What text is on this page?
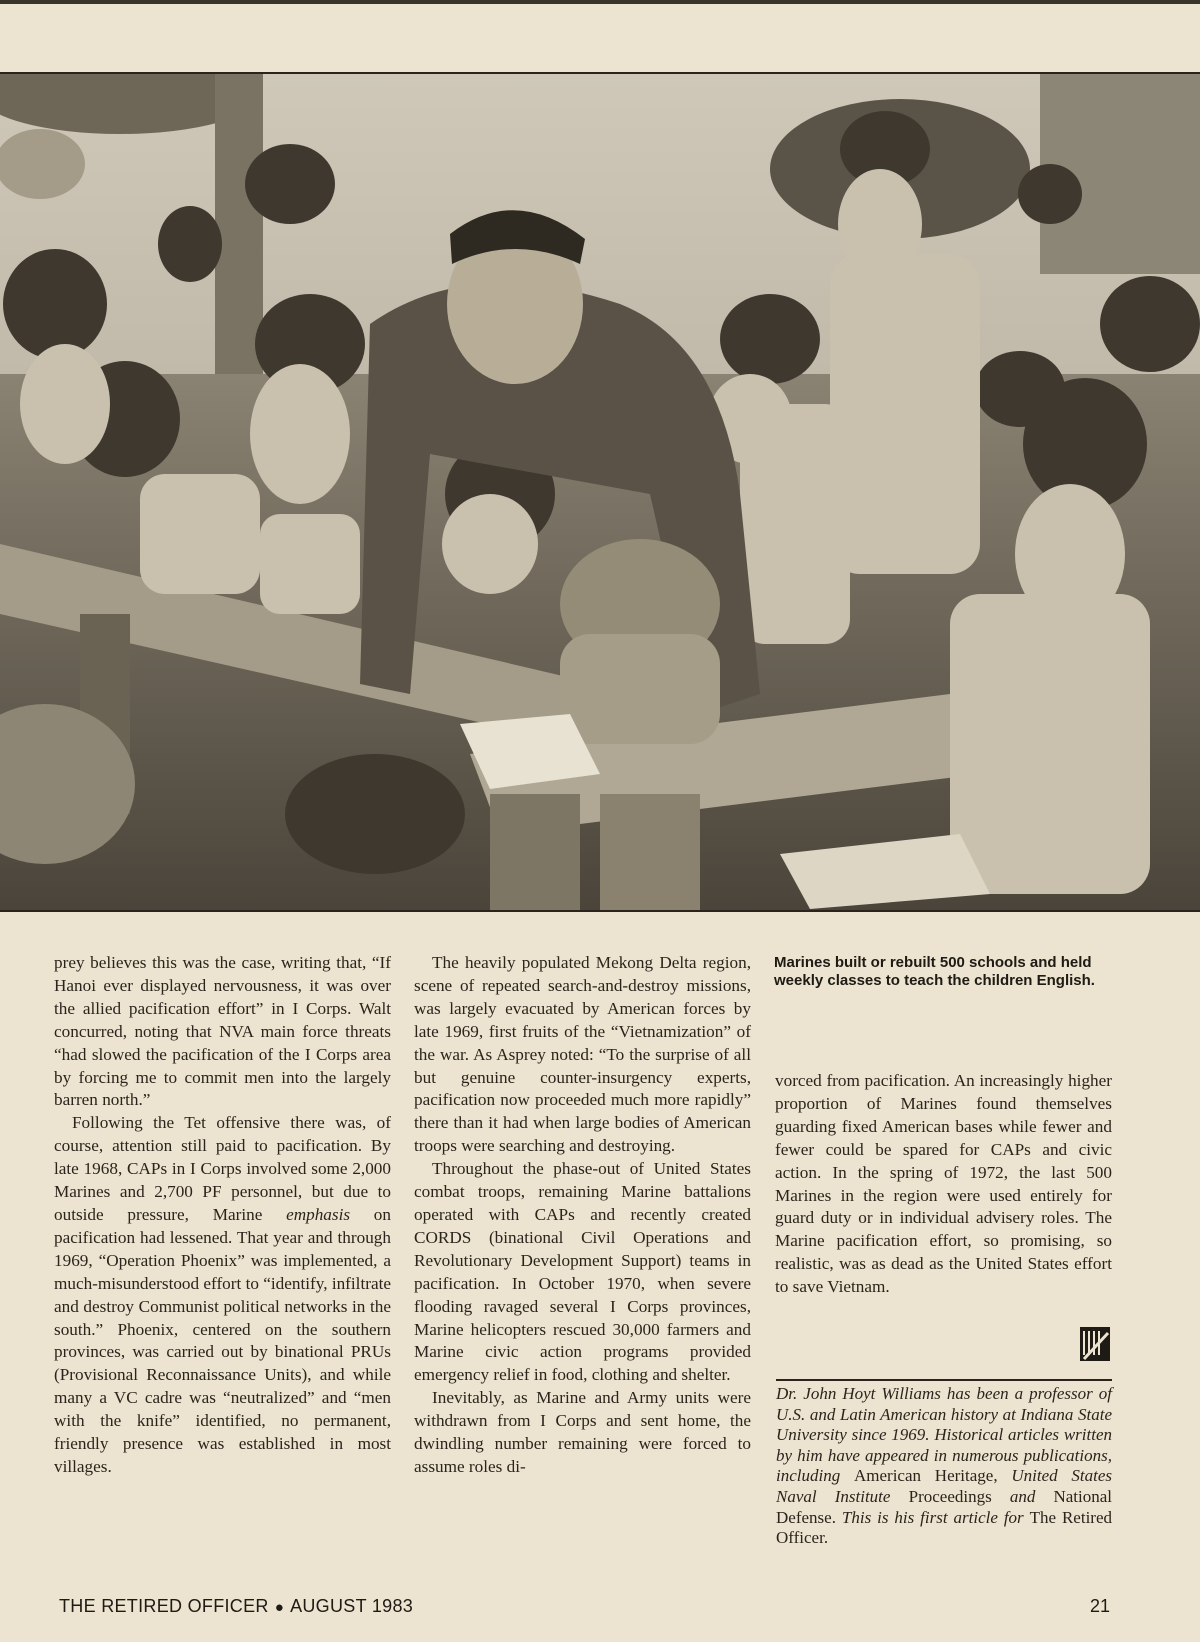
prey believes this was the case, writing that, “If Hanoi ever displayed nervousness, it was over the allied pacification effort” in I Corps. Walt concurred, noting that NVA main force threats “had slowed the pacification of the I Corps area by forcing me to commit men into the largely barren north.”

Following the Tet offensive there was, of course, attention still paid to pacification. By late 1968, CAPs in I Corps involved some 2,000 Marines and 2,700 PF personnel, but due to outside pressure, Marine emphasis on pacification had lessened. That year and through 1969, “Operation Phoenix” was implemented, a much-misunderstood effort to “identify, infiltrate and destroy Communist political networks in the south.” Phoenix, centered on the southern provinces, was carried out by binational PRUs (Provisional Reconnaissance Units), and while many a VC cadre was “neutralized” and “men with the knife” identified, no permanent, friendly presence was established in most villages.

The heavily populated Mekong Delta region, scene of repeated search-and-destroy missions, was largely evacuated by American forces by late 1969, first fruits of the “Vietnamization” of the war. As Asprey noted: “To the surprise of all but genuine counter-insurgency experts, pacification now proceeded much more rapidly” there than it had when large bodies of American troops were searching and destroying.

Throughout the phase-out of United States combat troops, remaining Marine battalions operated with CAPs and recently created CORDS (binational Civil Operations and Revolutionary Development Support) teams in pacification. In October 1970, when severe flooding ravaged several I Corps provinces, Marine helicopters rescued 30,000 farmers and Marine civic action programs provided emergency relief in food, clothing and shelter.

Inevitably, as Marine and Army units were withdrawn from I Corps and sent home, the dwindling number remaining were forced to assume roles di-

Marines built or rebuilt 500 schools and held weekly classes to teach the children English.

vorced from pacification. An increasingly higher proportion of Marines found themselves guarding fixed American bases while fewer and fewer could be spared for CAPs and civic action. In the spring of 1972, the last 500 Marines in the region were used entirely for guard duty or in individual advisery roles. The Marine pacification effort, so promising, so realistic, was as dead as the United States effort to save Vietnam.

Dr. John Hoyt Williams has been a professor of U.S. and Latin American history at Indiana State University since 1969. Historical articles written by him have appeared in numerous publications, including American Heritage, United States Naval Institute Proceedings and National Defense. This is his first article for The Retired Officer.
THE RETIRED OFFICER ● AUGUST 1983	21
